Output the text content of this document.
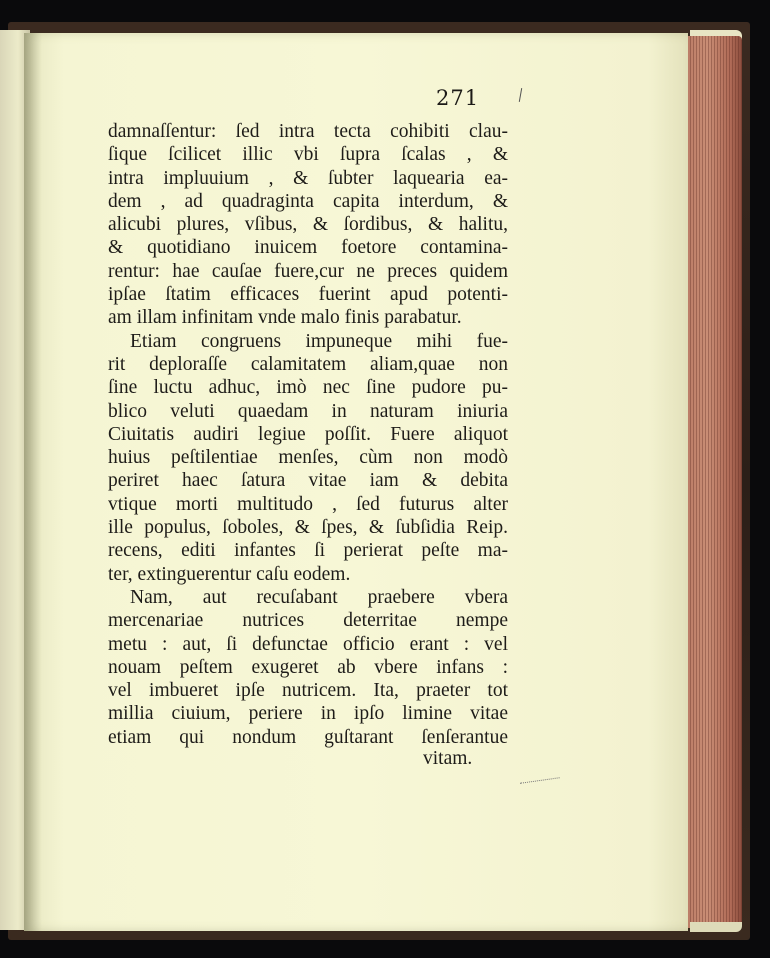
271
damnaſſentur: ſed intra tecta cohibiti clau-
ſique ſcilicet illic vbi ſupra ſcalas , &
intra impluuium , & ſubter laquearia ea-
dem , ad quadraginta capita interdum, &
alicubi plures, vſibus, & ſordibus, & halitu,
& quotidiano inuicem foetore contamina-
rentur: hae cauſae fuere,cur ne preces quidem
ipſae ſtatim efficaces fuerint apud potenti-
am illam infinitam vnde malo finis parabatur.
Etiam congruens impuneque mihi fue-
rit deploraſſe calamitatem aliam,quae non
ſine luctu adhuc, imò nec ſine pudore pu-
blico veluti quaedam in naturam iniuria
Ciuitatis audiri legiue poſſit. Fuere aliquot
huius peſtilentiae menſes, cùm non modò
periret haec ſatura vitae iam & debita
vtique morti multitudo , ſed futurus alter
ille populus, ſoboles, & ſpes, & ſubſidia Reip.
recens, editi infantes ſi perierat peſte ma-
ter, extinguerentur caſu eodem.
Nam, aut recuſabant praebere vbera
mercenariae nutrices deterritae nempe
metu : aut, ſi defunctae officio erant : vel
nouam peſtem exugeret ab vbere infans :
vel imbueret ipſe nutricem. Ita, praeter tot
millia ciuium, periere in ipſo limine vitae
etiam qui nondum guſtarant ſenſerantue
vitam.
